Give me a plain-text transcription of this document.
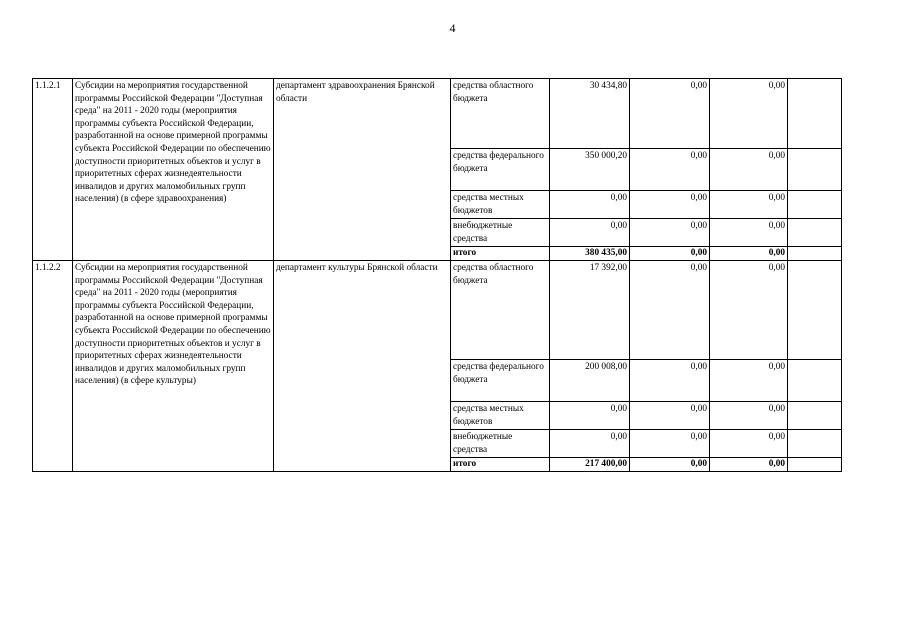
4
1.1.2.1	Субсидии на мероприятия государственной программы Российской Федерации "Доступная среда" на 2011 - 2020 годы (мероприятия программы субъекта Российской Федерации, разработанной на основе примерной программы субъекта Российской Федерации по обеспечению доступности приоритетных объектов и услуг в приоритетных сферах жизнедеятельности инвалидов и других маломобильных групп населения) (в сфере здравоохранения)	департамент здравоохранения Брянской области	средства областного бюджета	30 434,80	0,00	0,00	
			средства федерального бюджета	350 000,20	0,00	0,00	
			средства местных бюджетов	0,00	0,00	0,00	
			внебюджетные средства	0,00	0,00	0,00	
			итого	380 435,00	0,00	0,00	
1.1.2.2	Субсидии на мероприятия государственной программы Российской Федерации "Доступная среда" на 2011 - 2020 годы (мероприятия программы субъекта Российской Федерации, разработанной на основе примерной программы субъекта Российской Федерации по обеспечению доступности приоритетных объектов и услуг в приоритетных сферах жизнедеятельности инвалидов и других маломобильных групп населения) (в сфере культуры)	департамент культуры Брянской области	средства областного бюджета	17 392,00	0,00	0,00	
			средства федерального бюджета	200 008,00	0,00	0,00	
			средства местных бюджетов	0,00	0,00	0,00	
			внебюджетные средства	0,00	0,00	0,00	
			итого	217 400,00	0,00	0,00	
